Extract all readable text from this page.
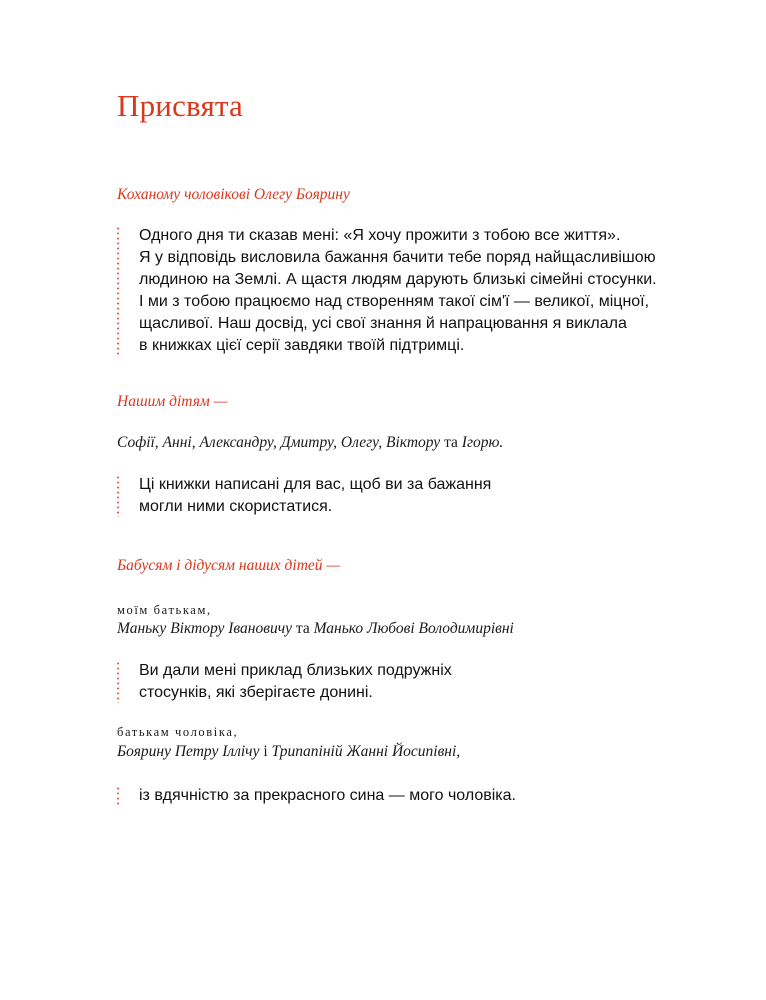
Присвята

Коханому чоловікові Олегу Боярину

Одного дня ти сказав мені: «Я хочу прожити з тобою все життя».
Я у відповідь висловила бажання бачити тебе поряд найщасливішою
людиною на Землі. А щастя людям дарують близькі сімейні стосунки.
І ми з тобою працюємо над створенням такої сім'ї — великої, міцної,
щасливої. Наш досвід, усі свої знання й напрацювання я виклала
в книжках цієї серії завдяки твоїй підтримці.

Нашим дітям —

Софії, Анні, Александру, Дмитру, Олегу, Віктору та Ігорю.

Ці книжки написані для вас, щоб ви за бажання
могли ними скористатися.

Бабусям і дідусям наших дітей —

моїм батькам,

Маньку Віктору Івановичу та Манько Любові Володимирівні

Ви дали мені приклад близьких подружніх
стосунків, які зберігаєте донині.

батькам чоловіка,

Боярину Петру Іллічу і Трипапіній Жанні Йосипівні,

із вдячністю за прекрасного сина — мого чоловіка.
